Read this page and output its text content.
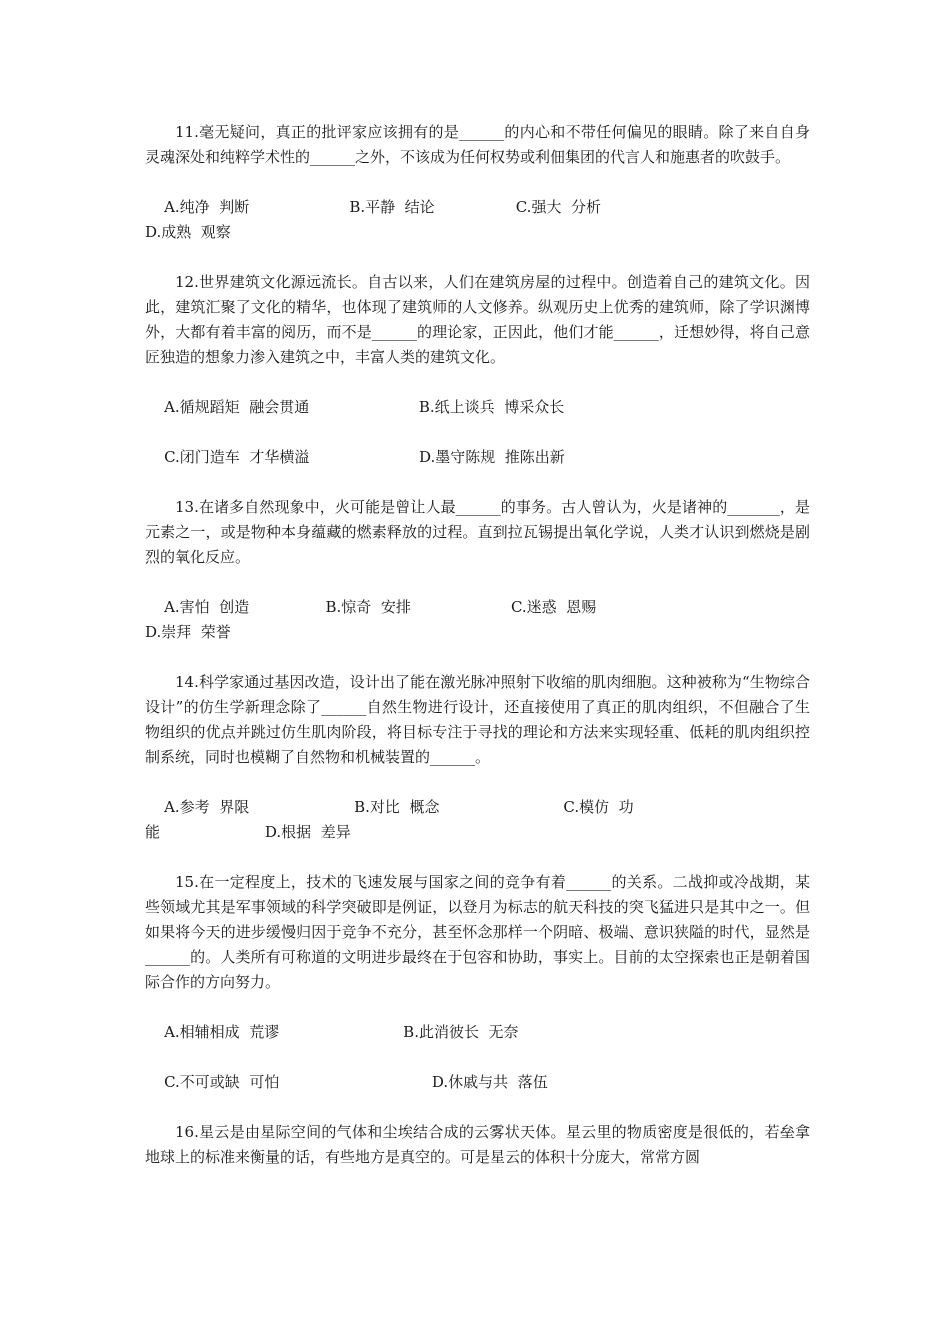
11.毫无疑问，真正的批评家应该拥有的是______的内心和不带任何偏见的眼睛。除了来自自身灵魂深处和纯粹学术性的______之外，不该成为任何权势或利佃集团的代言人和施惠者的吹鼓手。

A.纯净  判断                     B.平静  结论                 C.强大  分析
D.成熟  观察

12.世界建筑文化源远流长。自古以来，人们在建筑房屋的过程中。创造着自己的建筑文化。因此，建筑汇聚了文化的精华，也体现了建筑师的人文修养。纵观历史上优秀的建筑师，除了学识渊博外，大都有着丰富的阅历，而不是______的理论家，正因此，他们才能______，迁想妙得，将自己意匠独造的想象力渗入建筑之中，丰富人类的建筑文化。

A.循规蹈矩  融会贯通                       B.纸上谈兵  博采众长

C.闭门造车  才华横溢                       D.墨守陈规  推陈出新

13.在诸多自然现象中，火可能是曾让人最______的事务。古人曾认为，火是诸神的_______，是元素之一，或是物种本身蕴藏的燃素释放的过程。直到拉瓦锡提出氧化学说，人类才认识到燃烧是剧烈的氧化反应。

A.害怕  创造                B.惊奇  安排                     C.迷惑  恩赐
D.崇拜  荣誉

14.科学家通过基因改造，设计出了能在激光脉冲照射下收缩的肌肉细胞。这种被称为“生物综合设计”的仿生学新理念除了______自然生物进行设计，还直接使用了真正的肌肉组织，不但融合了生物组织的优点并跳过仿生肌肉阶段，将目标专注于寻找的理论和方法来实现轻重、低耗的肌肉组织控制系统，同时也模糊了自然物和机械装置的______。

A.参考  界限                      B.对比  概念                          C.模仿  功
能                      D.根据  差异

15.在一定程度上，技术的飞速发展与国家之间的竞争有着______的关系。二战抑或冷战期，某些领域尤其是军事领域的科学突破即是例证，以登月为标志的航天科技的突飞猛进只是其中之一。但如果将今天的进步缓慢归因于竞争不充分，甚至怀念那样一个阴暗、极端、意识狭隘的时代，显然是______的。人类所有可称道的文明进步最终在于包容和协助，事实上。目前的太空探索也正是朝着国际合作的方向努力。

A.相辅相成  荒谬                          B.此消彼长  无奈

C.不可或缺  可怕                                D.休戚与共  落伍

16.星云是由星际空间的气体和尘埃结合成的云雾状天体。星云里的物质密度是很低的，若垒拿地球上的标准来衡量的话，有些地方是真空的。可是星云的体积十分庞大，常常方圆
